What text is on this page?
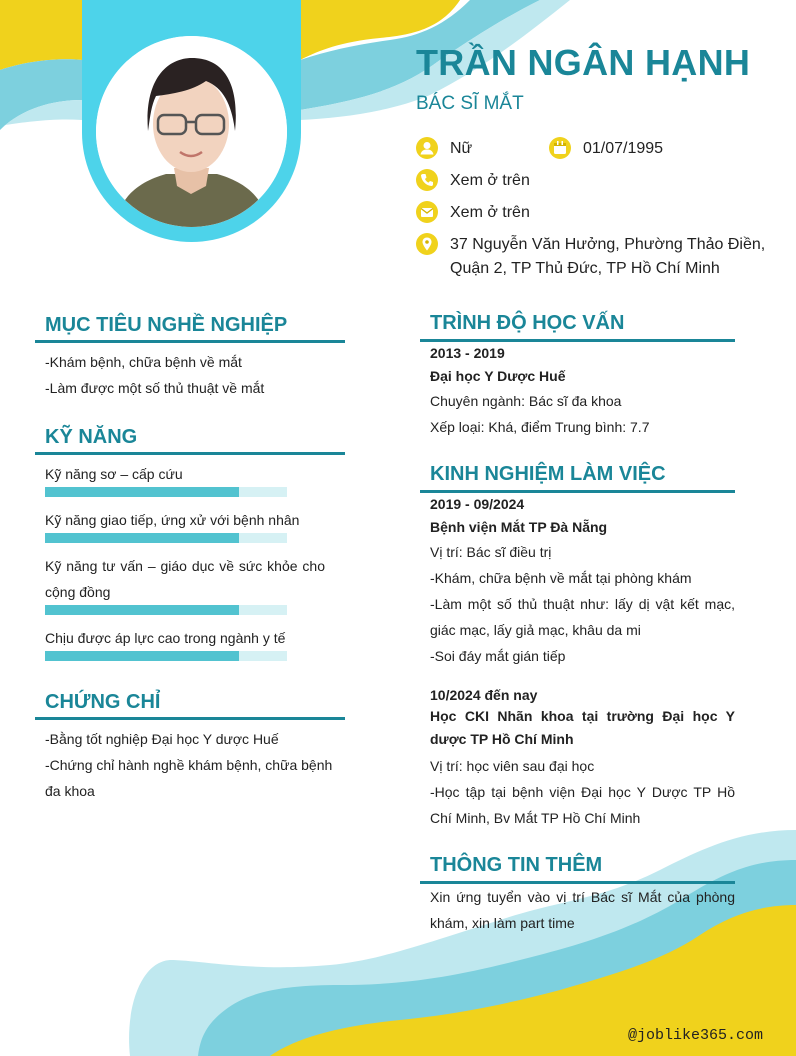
TRẦN NGÂN HẠNH
BÁC SĨ MẮT
Nữ	01/07/1995
Xem ở trên
Xem ở trên
37 Nguyễn Văn Hưởng, Phường Thảo Điền,
Quận 2, TP Thủ Đức, TP Hồ Chí Minh
MỤC TIÊU NGHỀ NGHIỆP
-Khám bệnh, chữa bệnh về mắt
-Làm được một số thủ thuật về mắt
KỸ NĂNG
Kỹ năng sơ – cấp cứu
Kỹ năng giao tiếp, ứng xử với bệnh nhân
Kỹ năng tư vấn – giáo dục về sức khỏe cho cộng đồng
Chịu được áp lực cao trong ngành y tế
CHỨNG CHỈ
-Bằng tốt nghiệp Đại học Y dược Huế
-Chứng chỉ hành nghề khám bệnh, chữa bệnh đa khoa
TRÌNH ĐỘ HỌC VẤN
2013 - 2019
Đại học Y Dược Huế
Chuyên ngành: Bác sĩ đa khoa
Xếp loại: Khá, điểm Trung bình: 7.7
KINH NGHIỆM LÀM VIỆC
2019 - 09/2024
Bệnh viện Mắt TP Đà Nẵng
Vị trí: Bác sĩ điều trị
-Khám, chữa bệnh về mắt tại phòng khám
-Làm một số thủ thuật như: lấy dị vật kết mạc, giác mạc, lấy giả mạc, khâu da mi
-Soi đáy mắt gián tiếp
10/2024 đến nay
Học CKI Nhãn khoa tại trường Đại học Y dược TP Hồ Chí Minh
Vị trí: học viên sau đại học
-Học tập tại bệnh viện Đại học Y Dược TP Hồ Chí Minh, Bv Mắt TP Hồ Chí Minh
THÔNG TIN THÊM
Xin ứng tuyển vào vị trí Bác sĩ Mắt của phòng khám, xin làm part time
@joblike365.com
